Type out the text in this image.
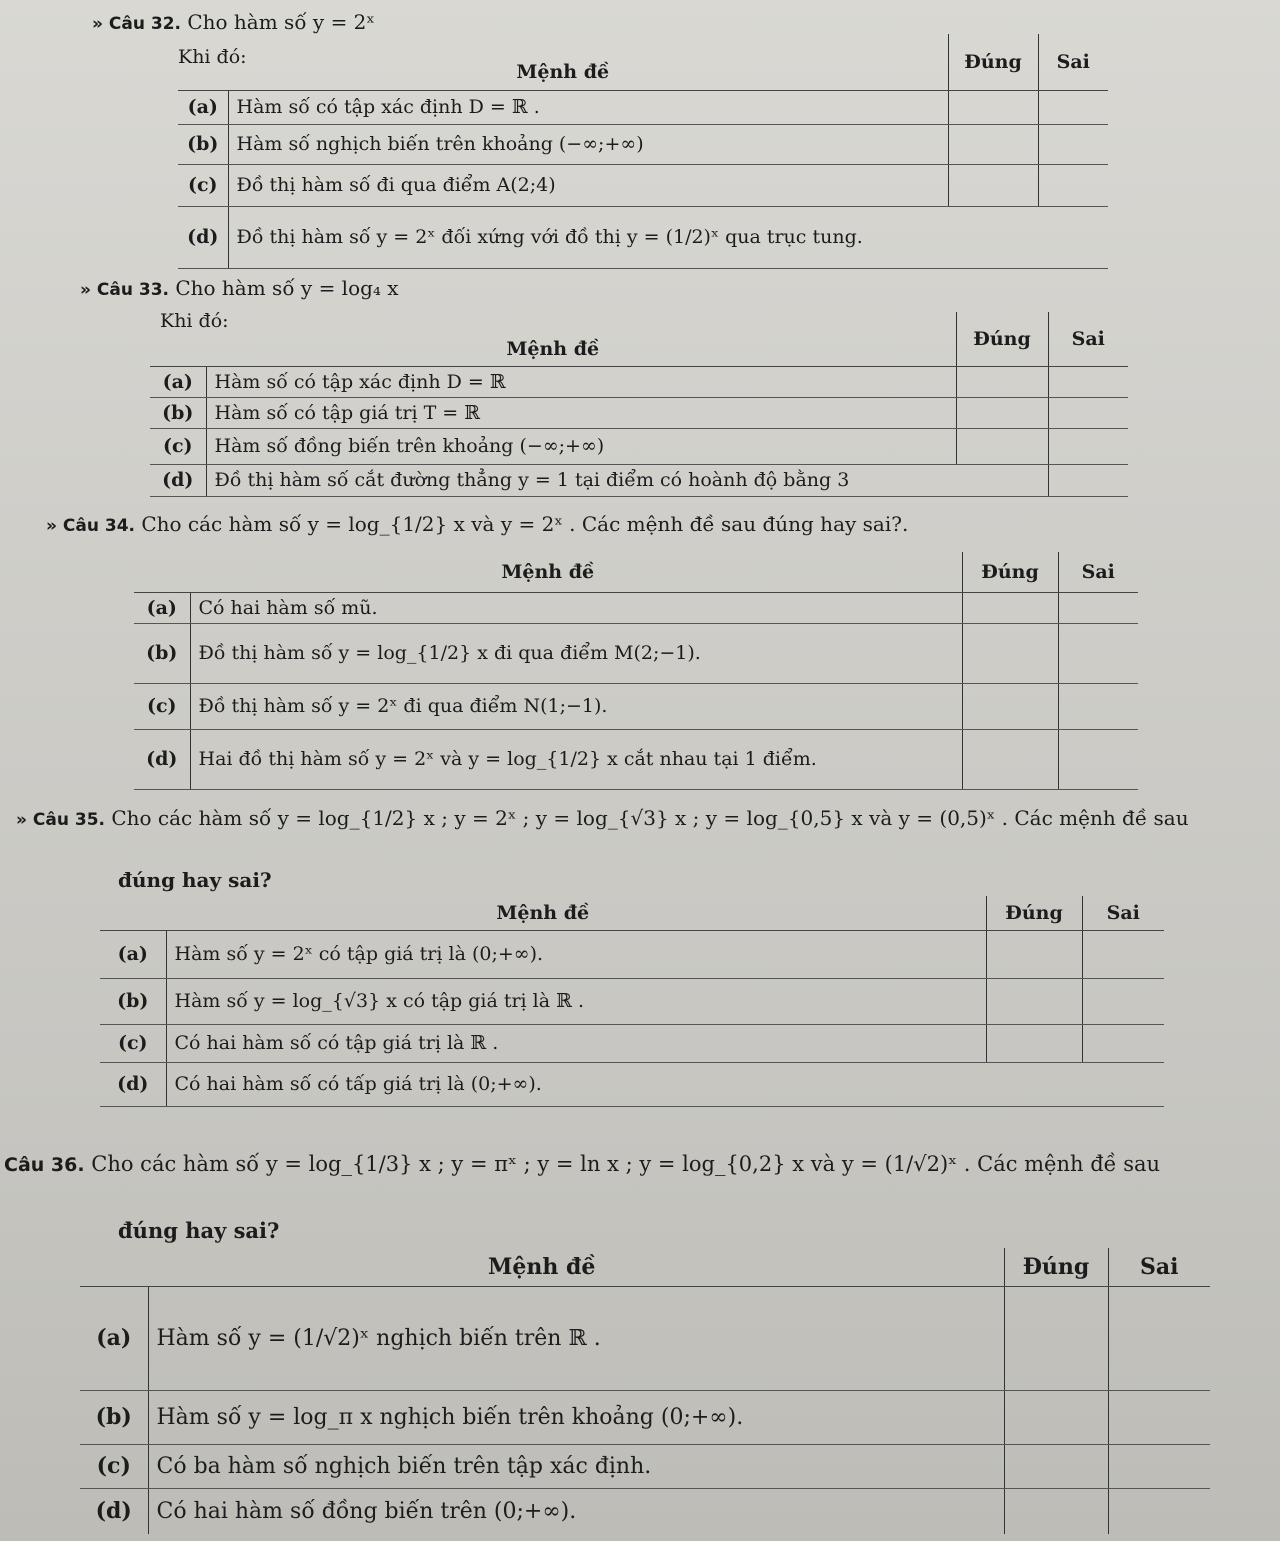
» Câu 32. Cho hàm số y = 2ˣ
Khi đó:
Mệnh đề		Đúng	Sai
(a)	Hàm số có tập xác định D = ℝ .		
(b)	Hàm số nghịch biến trên khoảng (−∞;+∞)		
(c)	Đồ thị hàm số đi qua điểm A(2;4)		
(d)	Đồ thị hàm số y = 2ˣ đối xứng với đồ thị y = (1/2)ˣ qua trục tung.		
» Câu 33. Cho hàm số y = log₄ x
Khi đó:
Mệnh đề		Đúng	Sai
(a)	Hàm số có tập xác định D = ℝ		
(b)	Hàm số có tập giá trị T = ℝ		
(c)	Hàm số đồng biến trên khoảng (−∞;+∞)		
(d)	Đồ thị hàm số cắt đường thẳng y = 1 tại điểm có hoành độ bằng 3		
» Câu 34. Cho các hàm số y = log_{1/2} x và y = 2ˣ . Các mệnh đề sau đúng hay sai?.
Mệnh đề		Đúng	Sai
(a)	Có hai hàm số mũ.		
(b)	Đồ thị hàm số y = log_{1/2} x đi qua điểm M(2;−1).		
(c)	Đồ thị hàm số y = 2ˣ đi qua điểm N(1;−1).		
(d)	Hai đồ thị hàm số y = 2ˣ và y = log_{1/2} x cắt nhau tại 1 điểm.		
» Câu 35. Cho các hàm số y = log_{1/2} x ; y = 2ˣ ; y = log_{√3} x ; y = log_{0,5} x và y = (0,5)ˣ . Các mệnh đề sau
đúng hay sai?
Mệnh đề		Đúng	Sai
(a)	Hàm số y = 2ˣ có tập giá trị là (0;+∞).		
(b)	Hàm số y = log_{√3} x có tập giá trị là ℝ .		
(c)	Có hai hàm số có tập giá trị là ℝ .		
(d)	Có hai hàm số có tấp giá trị là (0;+∞).		
Câu 36. Cho các hàm số y = log_{1/3} x ; y = πˣ ; y = ln x ; y = log_{0,2} x và y = (1/√2)ˣ . Các mệnh đề sau
đúng hay sai?
Mệnh đề		Đúng	Sai
(a)	Hàm số y = (1/√2)ˣ nghịch biến trên ℝ .		
(b)	Hàm số y = log_π x nghịch biến trên khoảng (0;+∞).		
(c)	Có ba hàm số nghịch biến trên tập xác định.		
(d)	Có hai hàm số đồng biến trên (0;+∞).		
